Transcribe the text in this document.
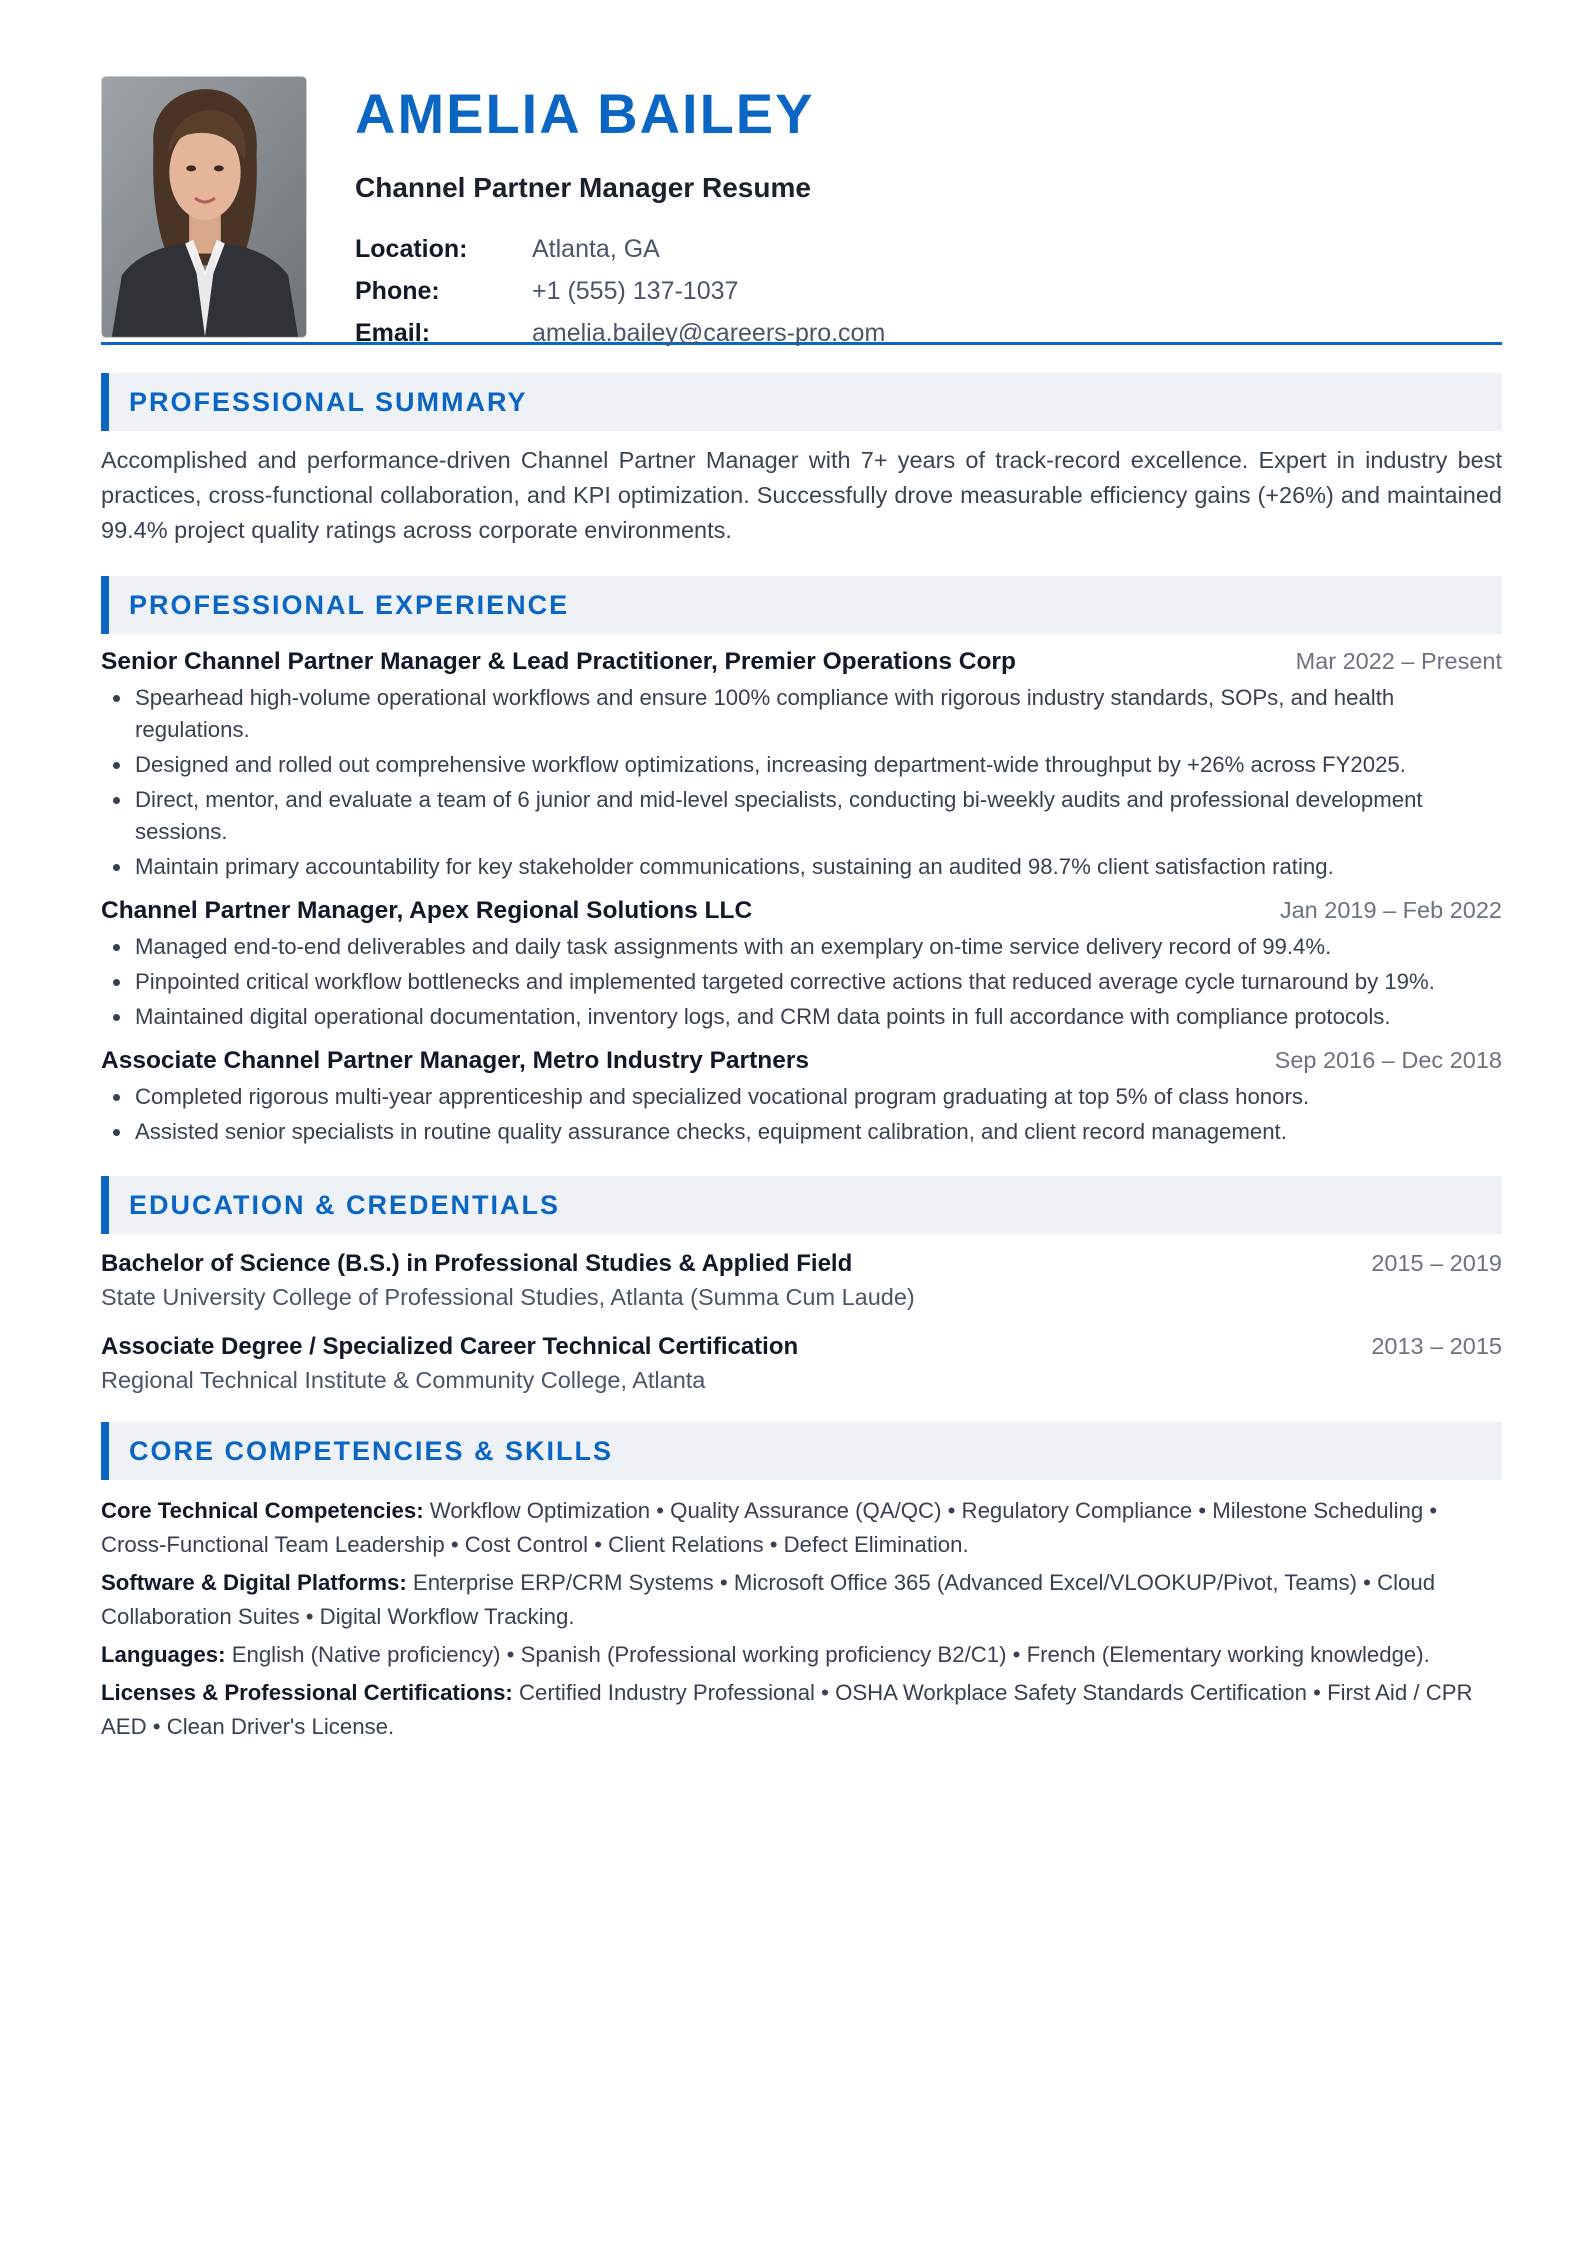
AMELIA BAILEY
Channel Partner Manager Resume
Location:	Atlanta, GA
Phone:	+1 (555) 137-1037
Email:	amelia.bailey@careers-pro.com
PROFESSIONAL SUMMARY
Accomplished and performance-driven Channel Partner Manager with 7+ years of track-record excellence. Expert in industry best practices, cross-functional collaboration, and KPI optimization. Successfully drove measurable efficiency gains (+26%) and maintained 99.4% project quality ratings across corporate environments.
PROFESSIONAL EXPERIENCE
Senior Channel Partner Manager & Lead Practitioner, Premier Operations Corp	Mar 2022 – Present
Spearhead high-volume operational workflows and ensure 100% compliance with rigorous industry standards, SOPs, and health regulations.
Designed and rolled out comprehensive workflow optimizations, increasing department-wide throughput by +26% across FY2025.
Direct, mentor, and evaluate a team of 6 junior and mid-level specialists, conducting bi-weekly audits and professional development sessions.
Maintain primary accountability for key stakeholder communications, sustaining an audited 98.7% client satisfaction rating.
Channel Partner Manager, Apex Regional Solutions LLC	Jan 2019 – Feb 2022
Managed end-to-end deliverables and daily task assignments with an exemplary on-time service delivery record of 99.4%.
Pinpointed critical workflow bottlenecks and implemented targeted corrective actions that reduced average cycle turnaround by 19%.
Maintained digital operational documentation, inventory logs, and CRM data points in full accordance with compliance protocols.
Associate Channel Partner Manager, Metro Industry Partners	Sep 2016 – Dec 2018
Completed rigorous multi-year apprenticeship and specialized vocational program graduating at top 5% of class honors.
Assisted senior specialists in routine quality assurance checks, equipment calibration, and client record management.
EDUCATION & CREDENTIALS
Bachelor of Science (B.S.) in Professional Studies & Applied Field	2015 – 2019
State University College of Professional Studies, Atlanta (Summa Cum Laude)
Associate Degree / Specialized Career Technical Certification	2013 – 2015
Regional Technical Institute & Community College, Atlanta
CORE COMPETENCIES & SKILLS
Core Technical Competencies: Workflow Optimization • Quality Assurance (QA/QC) • Regulatory Compliance • Milestone Scheduling • Cross-Functional Team Leadership • Cost Control • Client Relations • Defect Elimination.
Software & Digital Platforms: Enterprise ERP/CRM Systems • Microsoft Office 365 (Advanced Excel/VLOOKUP/Pivot, Teams) • Cloud Collaboration Suites • Digital Workflow Tracking.
Languages: English (Native proficiency) • Spanish (Professional working proficiency B2/C1) • French (Elementary working knowledge).
Licenses & Professional Certifications: Certified Industry Professional • OSHA Workplace Safety Standards Certification • First Aid / CPR AED • Clean Driver's License.
